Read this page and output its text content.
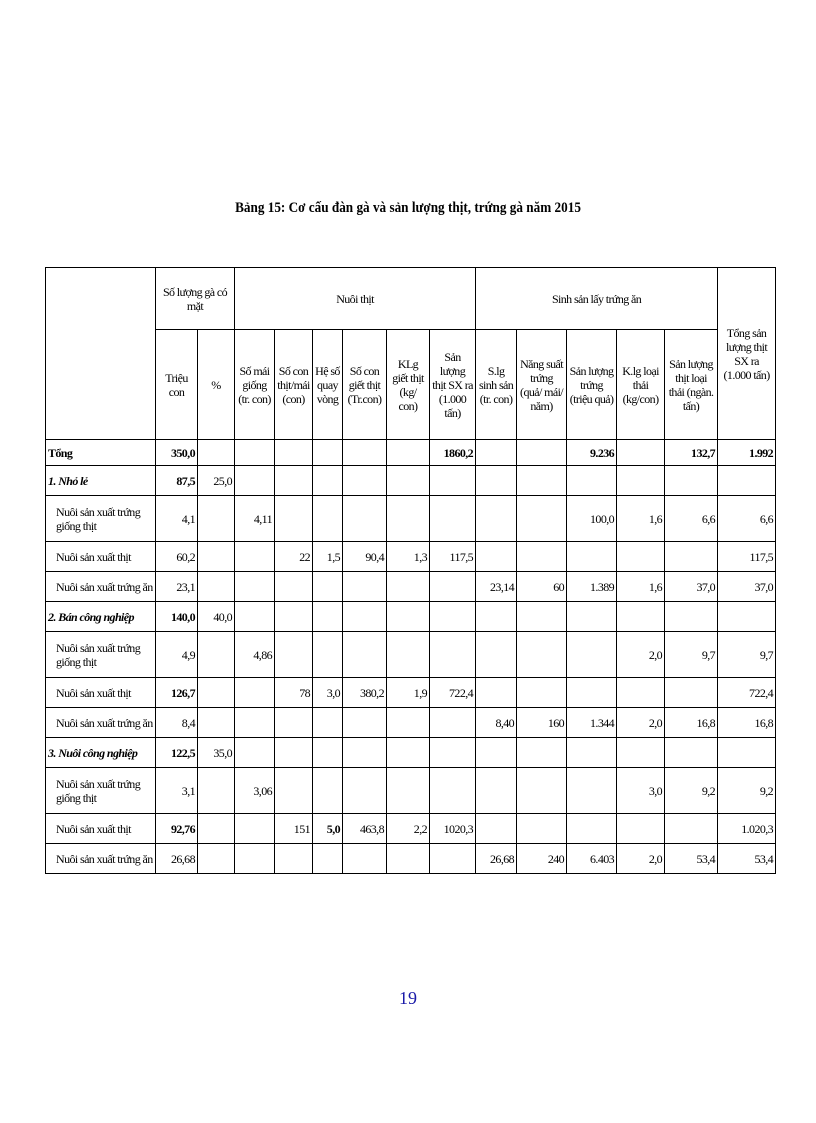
Bảng 15: Cơ cấu đàn gà và sản lượng thịt, trứng gà năm 2015
	Số lượng gà có mặt		Nuôi thịt						Sinh sản lấy trứng ăn					Tổng sản lượng thịt SX ra (1.000 tấn)
	Triệu con	%	Số mái giống (tr. con)	Số con thịt/mái (con)	Hệ số quay vòng	Số con giết thịt (Tr.con)	KLg giết thịt (kg/ con)	Sản lượng thịt SX ra (1.000 tấn)	S.lg sinh sản (tr. con)	Năng suất trứng (quả/ mái/ năm)	Sản lượng trứng (triệu quả)	K.lg loại thải (kg/con)	Sản lượng thịt loại thải (ngàn. tấn)	
Tổng	350,0							1860,2			9.236		132,7	1.992
1. Nhỏ lẻ	87,5	25,0												
Nuôi sản xuất trứng giống thịt	4,1		4,11								100,0	1,6	6,6	6,6
Nuôi sản xuất thịt	60,2			22	1,5	90,4	1,3	117,5						117,5
Nuôi sản xuất trứng ăn	23,1								23,14	60	1.389	1,6	37,0	37,0
2. Bán công nghiệp	140,0	40,0												
Nuôi sản xuất trứng giống thịt	4,9		4,86									2,0	9,7	9,7
Nuôi sản xuất thịt	126,7			78	3,0	380,2	1,9	722,4						722,4
Nuôi sản xuất trứng ăn	8,4								8,40	160	1.344	2,0	16,8	16,8
3. Nuôi công nghiệp	122,5	35,0												
Nuôi sản xuất trứng giống thịt	3,1		3,06									3,0	9,2	9,2
Nuôi sản xuất thịt	92,76			151	5,0	463,8	2,2	1020,3						1.020,3
Nuôi sản xuất trứng ăn	26,68								26,68	240	6.403	2,0	53,4	53,4
19
